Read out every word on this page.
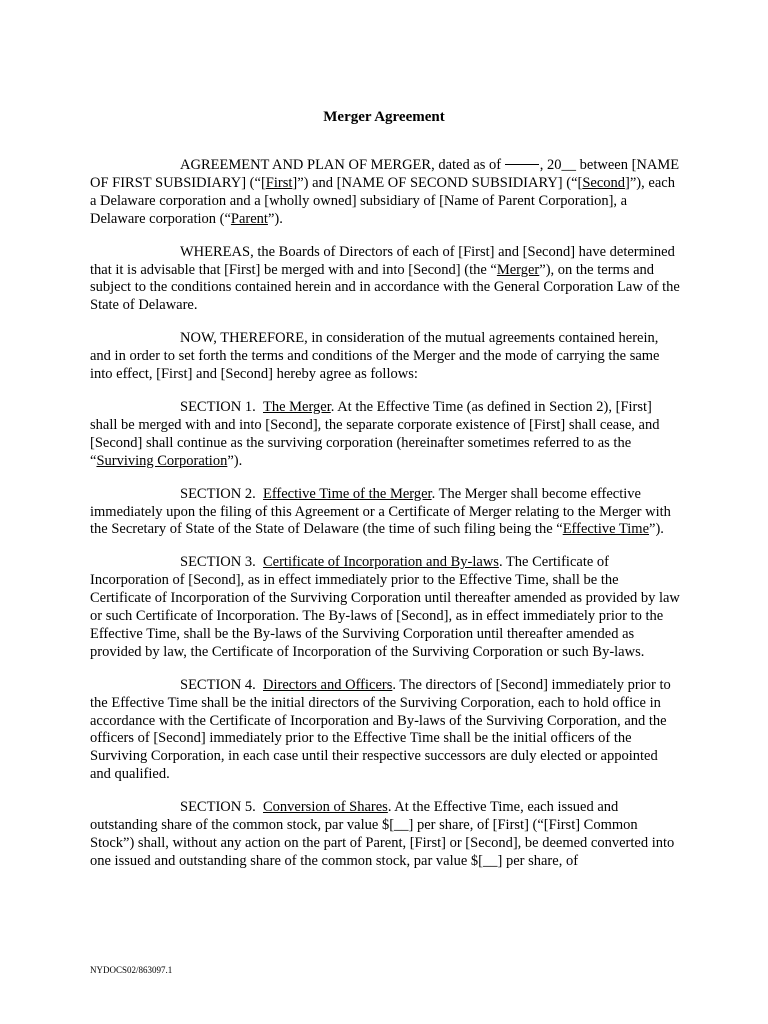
Merger Agreement

AGREEMENT AND PLAN OF MERGER, dated as of , 20__ between [NAME OF FIRST SUBSIDIARY] (“[First]”) and [NAME OF SECOND SUBSIDIARY] (“[Second]”), each a Delaware corporation and a [wholly owned] subsidiary of [Name of Parent Corporation], a Delaware corporation (“Parent”).

WHEREAS, the Boards of Directors of each of [First] and [Second] have determined that it is advisable that [First] be merged with and into [Second] (the “Merger”), on the terms and subject to the conditions contained herein and in accordance with the General Corporation Law of the State of Delaware.

NOW, THEREFORE, in consideration of the mutual agreements contained herein, and in order to set forth the terms and conditions of the Merger and the mode of carrying the same into effect, [First] and [Second] hereby agree as follows:

SECTION 1. The Merger. At the Effective Time (as defined in Section 2), [First] shall be merged with and into [Second], the separate corporate existence of [First] shall cease, and [Second] shall continue as the surviving corporation (hereinafter sometimes referred to as the “Surviving Corporation”).

SECTION 2. Effective Time of the Merger. The Merger shall become effective immediately upon the filing of this Agreement or a Certificate of Merger relating to the Merger with the Secretary of State of the State of Delaware (the time of such filing being the “Effective Time”).

SECTION 3. Certificate of Incorporation and By-laws. The Certificate of Incorporation of [Second], as in effect immediately prior to the Effective Time, shall be the Certificate of Incorporation of the Surviving Corporation until thereafter amended as provided by law or such Certificate of Incorporation. The By-laws of [Second], as in effect immediately prior to the Effective Time, shall be the By-laws of the Surviving Corporation until thereafter amended as provided by law, the Certificate of Incorporation of the Surviving Corporation or such By-laws.

SECTION 4. Directors and Officers. The directors of [Second] immediately prior to the Effective Time shall be the initial directors of the Surviving Corporation, each to hold office in accordance with the Certificate of Incorporation and By-laws of the Surviving Corporation, and the officers of [Second] immediately prior to the Effective Time shall be the initial officers of the Surviving Corporation, in each case until their respective successors are duly elected or appointed and qualified.

SECTION 5. Conversion of Shares. At the Effective Time, each issued and outstanding share of the common stock, par value $[__] per share, of [First] (“[First] Common Stock”) shall, without any action on the part of Parent, [First] or [Second], be deemed converted into one issued and outstanding share of the common stock, par value $[__] per share, of

NYDOCS02/863097.1
